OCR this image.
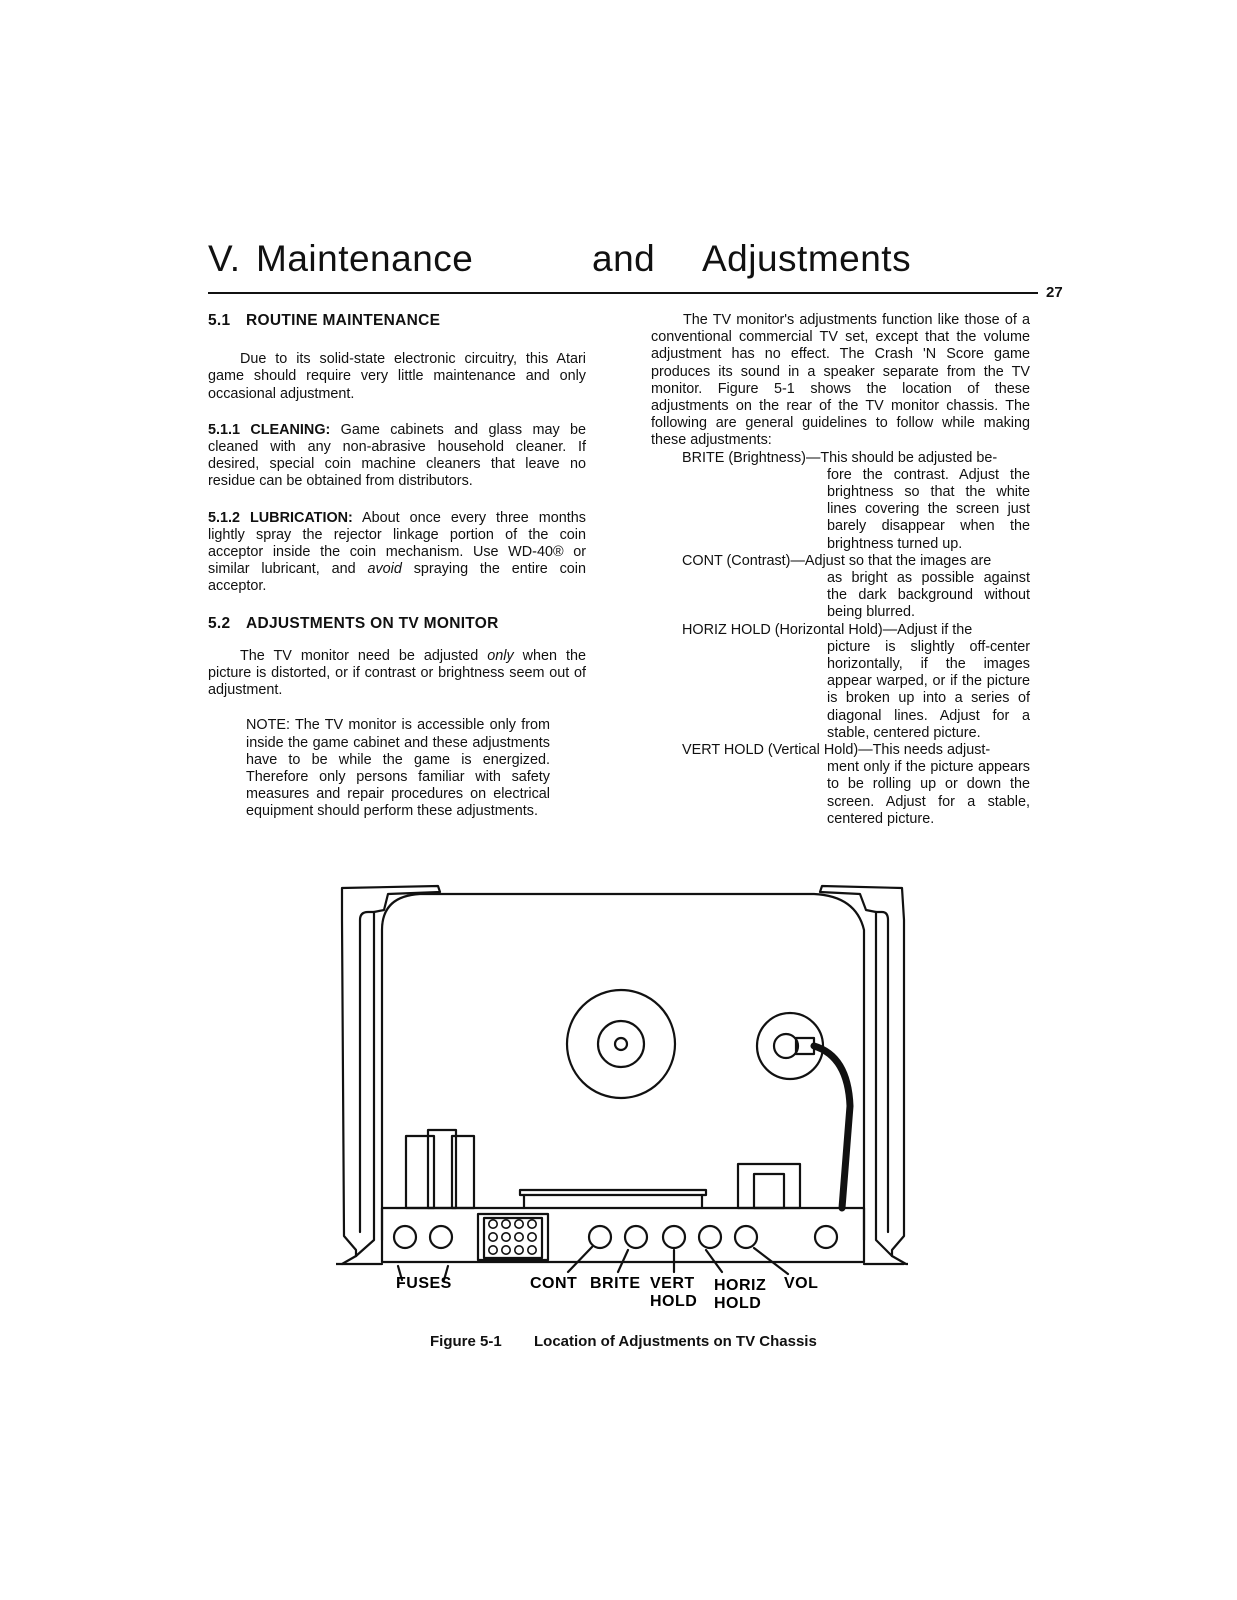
V. Maintenance	and Adjustments
27
5.1 ROUTINE MAINTENANCE

Due to its solid-state electronic circuitry, this Atari game should require very little maintenance and only occasional adjustment.

5.1.1 CLEANING: Game cabinets and glass may be cleaned with any non-abrasive household cleaner. If desired, special coin machine cleaners that leave no residue can be obtained from distributors.

5.1.2 LUBRICATION: About once every three months lightly spray the rejector linkage portion of the coin acceptor inside the coin mechanism. Use WD-40® or similar lubricant, and avoid spraying the entire coin acceptor.

5.2 ADJUSTMENTS ON TV MONITOR

The TV monitor need be adjusted only when the picture is distorted, or if contrast or brightness seem out of adjustment.

NOTE: The TV monitor is accessible only from inside the game cabinet and these adjustments have to be while the game is energized. Therefore only persons familiar with safety measures and repair procedures on electrical equipment should perform these adjustments.

The TV monitor's adjustments function like those of a conventional commercial TV set, except that the volume adjustment has no effect. The Crash 'N Score game produces its sound in a speaker separate from the TV monitor. Figure 5-1 shows the location of these adjustments on the rear of the TV monitor chassis. The following are general guidelines to follow while making these adjustments:

BRITE (Brightness)—This should be adjusted be-
fore the contrast. Adjust the brightness so that the white lines covering the screen just barely disappear when the brightness turned up.
CONT (Contrast)—Adjust so that the images are
as bright as possible against the dark background without being blurred.
HORIZ HOLD (Horizontal Hold)—Adjust if the
picture is slightly off-center horizontally, if the images appear warped, or if the picture is broken up into a series of diagonal lines. Adjust for a stable, centered picture.
VERT HOLD (Vertical Hold)—This needs adjust-
ment only if the picture appears to be rolling up or down the screen. Adjust for a stable, centered picture.
FUSES	CONT BRITE VERT
HOLD
HORIZ
HOLD
VOL
Figure 5-1 Location of Adjustments on TV Chassis
